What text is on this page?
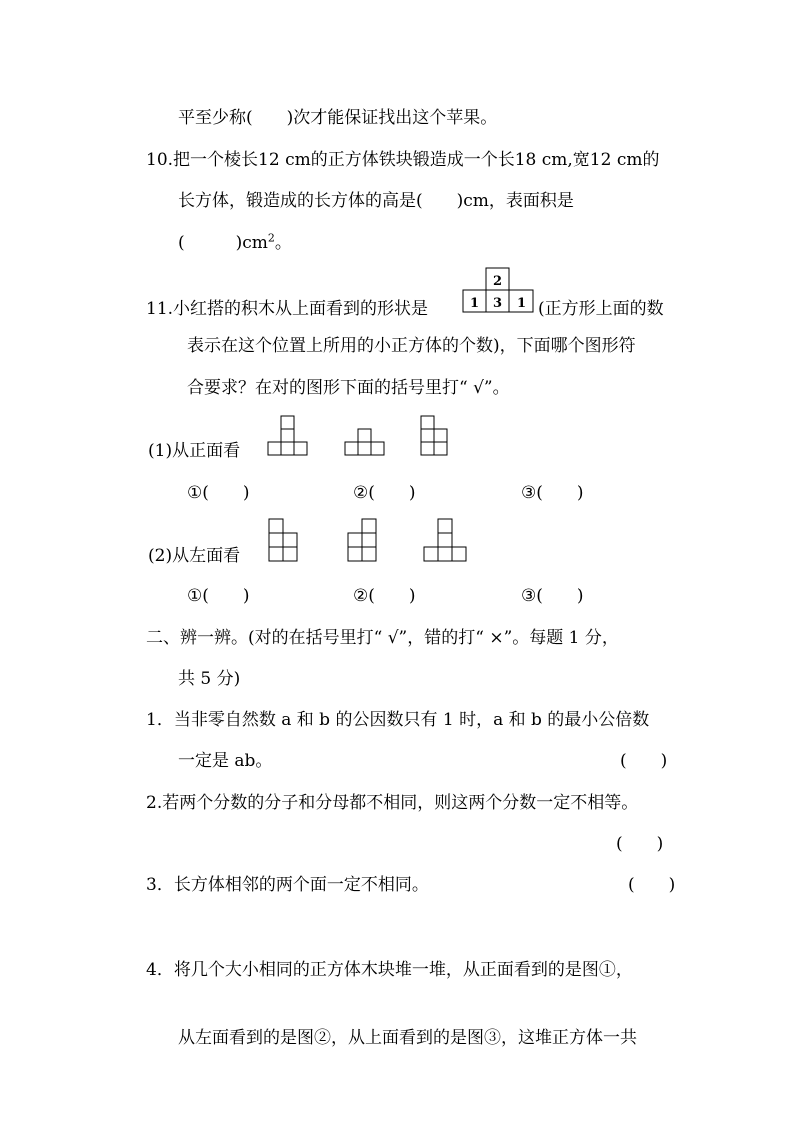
平至少称(　　)次才能保证找出这个苹果。
10.把一个棱长12 cm的正方体铁块锻造成一个长18 cm,宽12 cm的
长方体，锻造成的长方体的高是(　　)cm，表面积是
(　　　)$cm^2$。
11.小红搭的积木从上面看到的形状是
2
1 3 1 (正方形上面的数
表示在这个位置上所用的小正方体的个数)，下面哪个图形符
合要求？在对的图形下面的括号里打“ √”。
(1)从正面看
①(　　)	②(　　)	③(　　)
(2)从左面看
①(　　)	②(　　)	③(　　)
二、辨一辨。(对的在括号里打“ √”，错的打“ ×”。每题 1 分，
共 5 分)
1．当非零自然数 a 和 b 的公因数只有 1 时，a 和 b 的最小公倍数
一定是 ab。	(　　)
2.若两个分数的分子和分母都不相同，则这两个分数一定不相等。
(　　)
3．长方体相邻的两个面一定不相同。	(　　)
4．将几个大小相同的正方体木块堆一堆，从正面看到的是图①，
从左面看到的是图②，从上面看到的是图③，这堆正方体一共
